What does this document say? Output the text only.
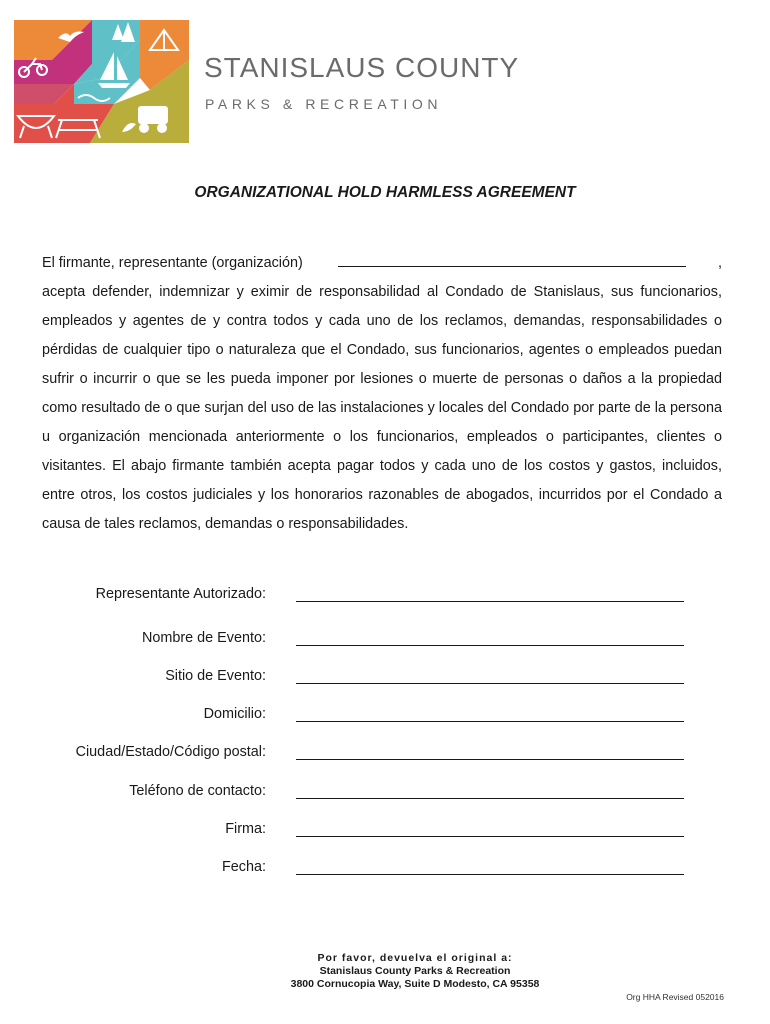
STANISLAUS COUNTY
PARKS & RECREATION
ORGANIZATIONAL HOLD HARMLESS AGREEMENT
El firmante, representante (organización)	,

acepta defender, indemnizar y eximir de responsabilidad al Condado de Stanislaus, sus funcionarios, empleados y agentes de y contra todos y cada uno de los reclamos, demandas, responsabilidades o pérdidas de cualquier tipo o naturaleza que el Condado, sus funcionarios, agentes o empleados puedan sufrir o incurrir o que se les pueda imponer por lesiones o muerte de personas o daños a la propiedad como resultado de o que surjan del uso de las instalaciones y locales del Condado por parte de la persona u organización mencionada anteriormente o los funcionarios, empleados o participantes, clientes o visitantes. El abajo firmante también acepta pagar todos y cada uno de los costos y gastos, incluidos, entre otros, los costos judiciales y los honorarios razonables de abogados, incurridos por el Condado a causa de tales reclamos, demandas o responsabilidades.

Representante Autorizado:
Nombre de Evento:
Sitio de Evento:
Domicilio:
Ciudad/Estado/Código postal:
Teléfono de contacto:
Firma:
Fecha:
Por favor, devuelva el original a:
Stanislaus County Parks & Recreation
3800 Cornucopia Way, Suite D Modesto, CA 95358
Org HHA Revised 052016
